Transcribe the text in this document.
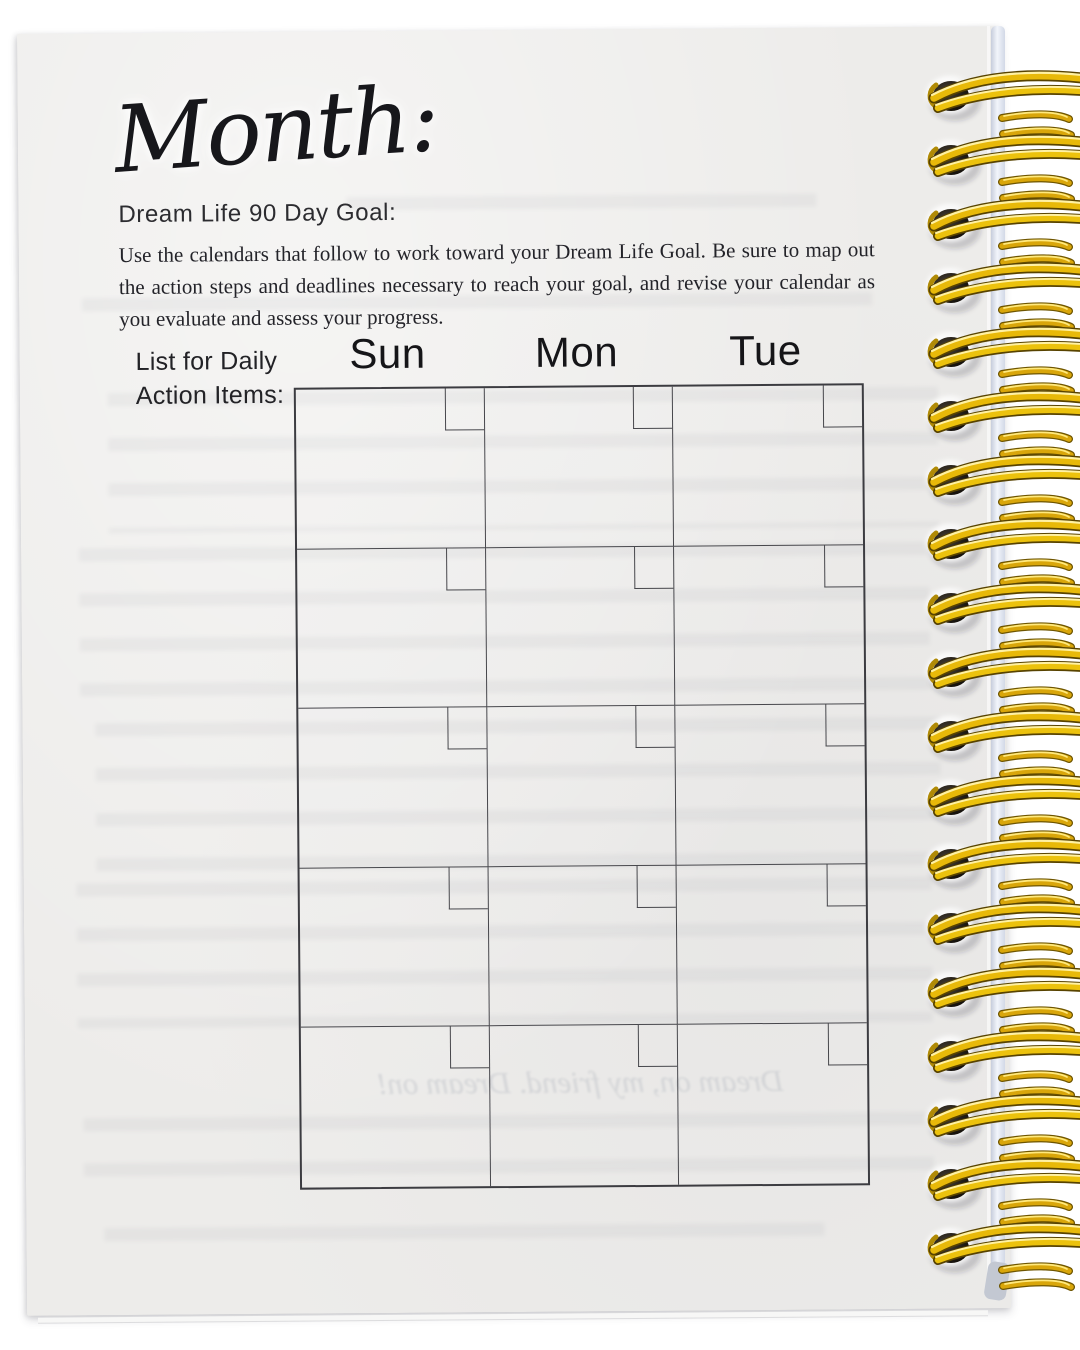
Dream on, my friend. Dream on!
Month:
Dream Life 90 Day Goal:
Use the calendars that follow to work toward your Dream Life Goal. Be sure to map out
the action steps and deadlines necessary to reach your goal, and revise your calendar as
you evaluate and assess your progress.
List for Daily
Action Items:
Sun	Mon	Tue
